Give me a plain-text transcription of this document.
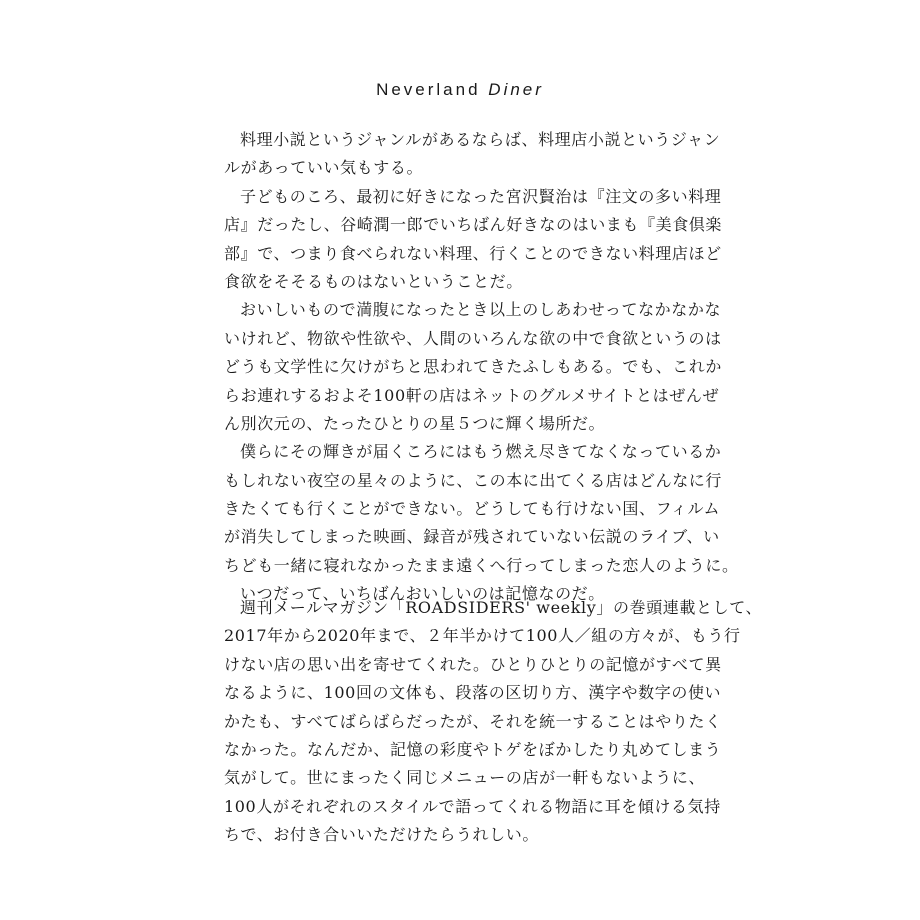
Neverland Diner
料理小説というジャンルがあるならば、料理店小説というジャン
ルがあっていい気もする。
子どものころ、最初に好きになった宮沢賢治は『注文の多い料理
店』だったし、谷崎潤一郎でいちばん好きなのはいまも『美食倶楽
部』で、つまり食べられない料理、行くことのできない料理店ほど
食欲をそそるものはないということだ。
おいしいもので満腹になったとき以上のしあわせってなかなかな
いけれど、物欲や性欲や、人間のいろんな欲の中で食欲というのは
どうも文学性に欠けがちと思われてきたふしもある。でも、これか
らお連れするおよそ100軒の店はネットのグルメサイトとはぜんぜ
ん別次元の、たったひとりの星５つに輝く場所だ。
僕らにその輝きが届くころにはもう燃え尽きてなくなっているか
もしれない夜空の星々のように、この本に出てくる店はどんなに行
きたくても行くことができない。どうしても行けない国、フィルム
が消失してしまった映画、録音が残されていない伝説のライブ、い
ちども一緒に寝れなかったまま遠くへ行ってしまった恋人のように。
いつだって、いちばんおいしいのは記憶なのだ。
週刊メールマガジン「ROADSIDERS' weekly」の巻頭連載として、
2017年から2020年まで、２年半かけて100人／組の方々が、もう行
けない店の思い出を寄せてくれた。ひとりひとりの記憶がすべて異
なるように、100回の文体も、段落の区切り方、漢字や数字の使い
かたも、すべてばらばらだったが、それを統一することはやりたく
なかった。なんだか、記憶の彩度やトゲをぼかしたり丸めてしまう
気がして。世にまったく同じメニューの店が一軒もないように、
100人がそれぞれのスタイルで語ってくれる物語に耳を傾ける気持
ちで、お付き合いいただけたらうれしい。
